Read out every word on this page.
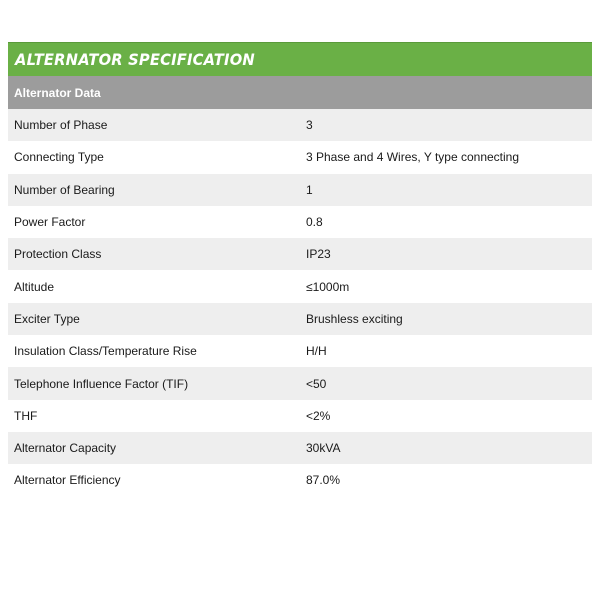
ALTERNATOR SPECIFICATION
Alternator Data
Number of Phase	3
Connecting Type	3 Phase and 4 Wires, Y type connecting
Number of Bearing	1
Power Factor	0.8
Protection Class	IP23
Altitude	≤1000m
Exciter Type	Brushless exciting
Insulation Class/Temperature Rise	H/H
Telephone Influence Factor (TIF)	<50
THF	<2%
Alternator Capacity	30kVA
Alternator Efficiency	87.0%
